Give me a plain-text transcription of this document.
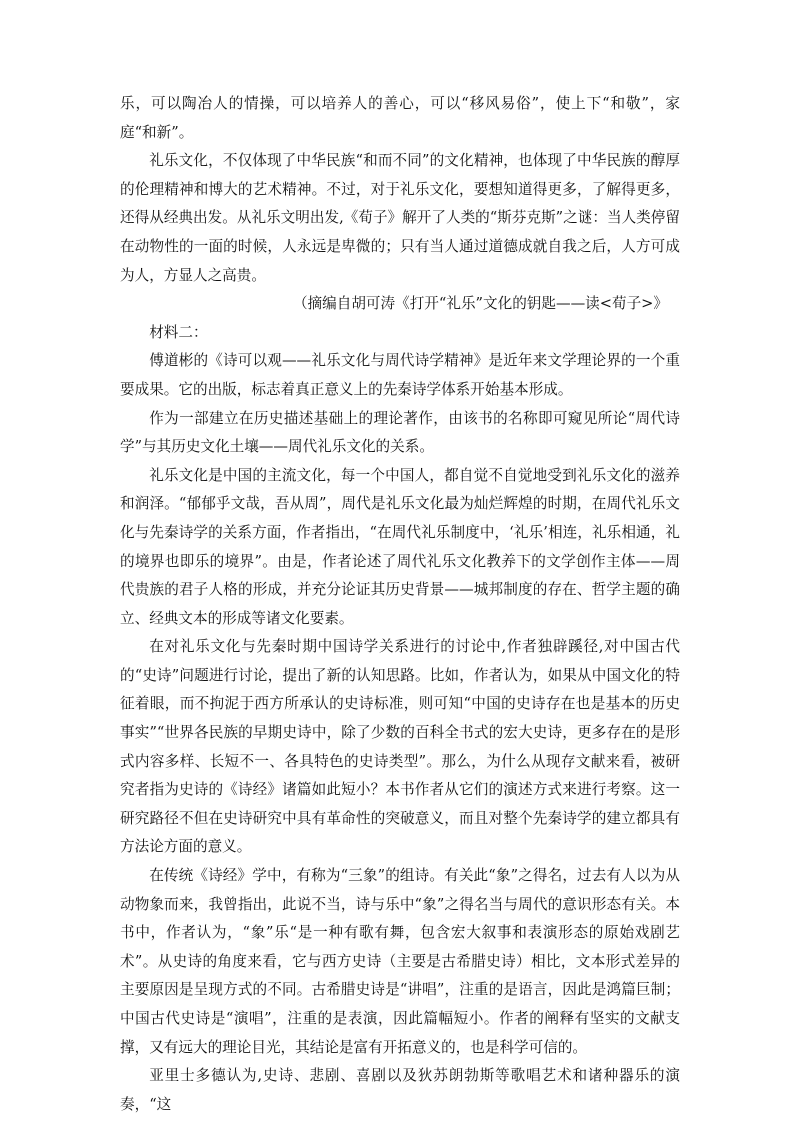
乐，可以陶冶人的情操，可以培养人的善心，可以“移风易俗”，使上下“和敬”，家庭“和新”。

礼乐文化，不仅体现了中华民族“和而不同”的文化精神，也体现了中华民族的醇厚的伦理精神和博大的艺术精神。不过，对于礼乐文化，要想知道得更多，了解得更多，还得从经典出发。从礼乐文明出发,《荀子》解开了人类的“斯芬克斯”之谜：当人类停留在动物性的一面的时候，人永远是卑微的；只有当人通过道德成就自我之后，人方可成为人，方显人之高贵。

（摘编自胡可涛《打开“礼乐”文化的钥匙——读<荀子>》

材料二：

傅道彬的《诗可以观——礼乐文化与周代诗学精神》是近年来文学理论界的一个重要成果。它的出版，标志着真正意义上的先秦诗学体系开始基本形成。

作为一部建立在历史描述基础上的理论著作，由该书的名称即可窥见所论“周代诗学”与其历史文化土壤——周代礼乐文化的关系。

礼乐文化是中国的主流文化，每一个中国人，都自觉不自觉地受到礼乐文化的滋养和润泽。“郁郁乎文哉，吾从周”，周代是礼乐文化最为灿烂辉煌的时期，在周代礼乐文化与先秦诗学的关系方面，作者指出，“在周代礼乐制度中，‘礼乐’相连，礼乐相通，礼的境界也即乐的境界”。由是，作者论述了周代礼乐文化教养下的文学创作主体——周代贵族的君子人格的形成，并充分论证其历史背景——城邦制度的存在、哲学主题的确立、经典文本的形成等诸文化要素。

在对礼乐文化与先秦时期中国诗学关系进行的讨论中,作者独辟蹊径,对中国古代的“史诗”问题进行讨论，提出了新的认知思路。比如，作者认为，如果从中国文化的特征着眼，而不拘泥于西方所承认的史诗标准，则可知“中国的史诗存在也是基本的历史事实”“世界各民族的早期史诗中，除了少数的百科全书式的宏大史诗，更多存在的是形式内容多样、长短不一、各具特色的史诗类型”。那么，为什么从现存文献来看，被研究者指为史诗的《诗经》诸篇如此短小？本书作者从它们的演述方式来进行考察。这一研究路径不但在史诗研究中具有革命性的突破意义，而且对整个先秦诗学的建立都具有方法论方面的意义。

在传统《诗经》学中，有称为“三象”的组诗。有关此“象”之得名，过去有人以为从动物象而来，我曾指出，此说不当，诗与乐中“象”之得名当与周代的意识形态有关。本书中，作者认为，“象”乐“是一种有歌有舞，包含宏大叙事和表演形态的原始戏剧艺术”。从史诗的角度来看，它与西方史诗（主要是古希腊史诗）相比，文本形式差异的主要原因是呈现方式的不同。古希腊史诗是“讲唱”，注重的是语言，因此是鸿篇巨制；中国古代史诗是“演唱”，注重的是表演，因此篇幅短小。作者的阐释有坚实的文献支撑，又有远大的理论目光，其结论是富有开拓意义的，也是科学可信的。

亚里士多德认为,史诗、悲剧、喜剧以及狄苏朗勃斯等歌唱艺术和诸种器乐的演奏，“这
